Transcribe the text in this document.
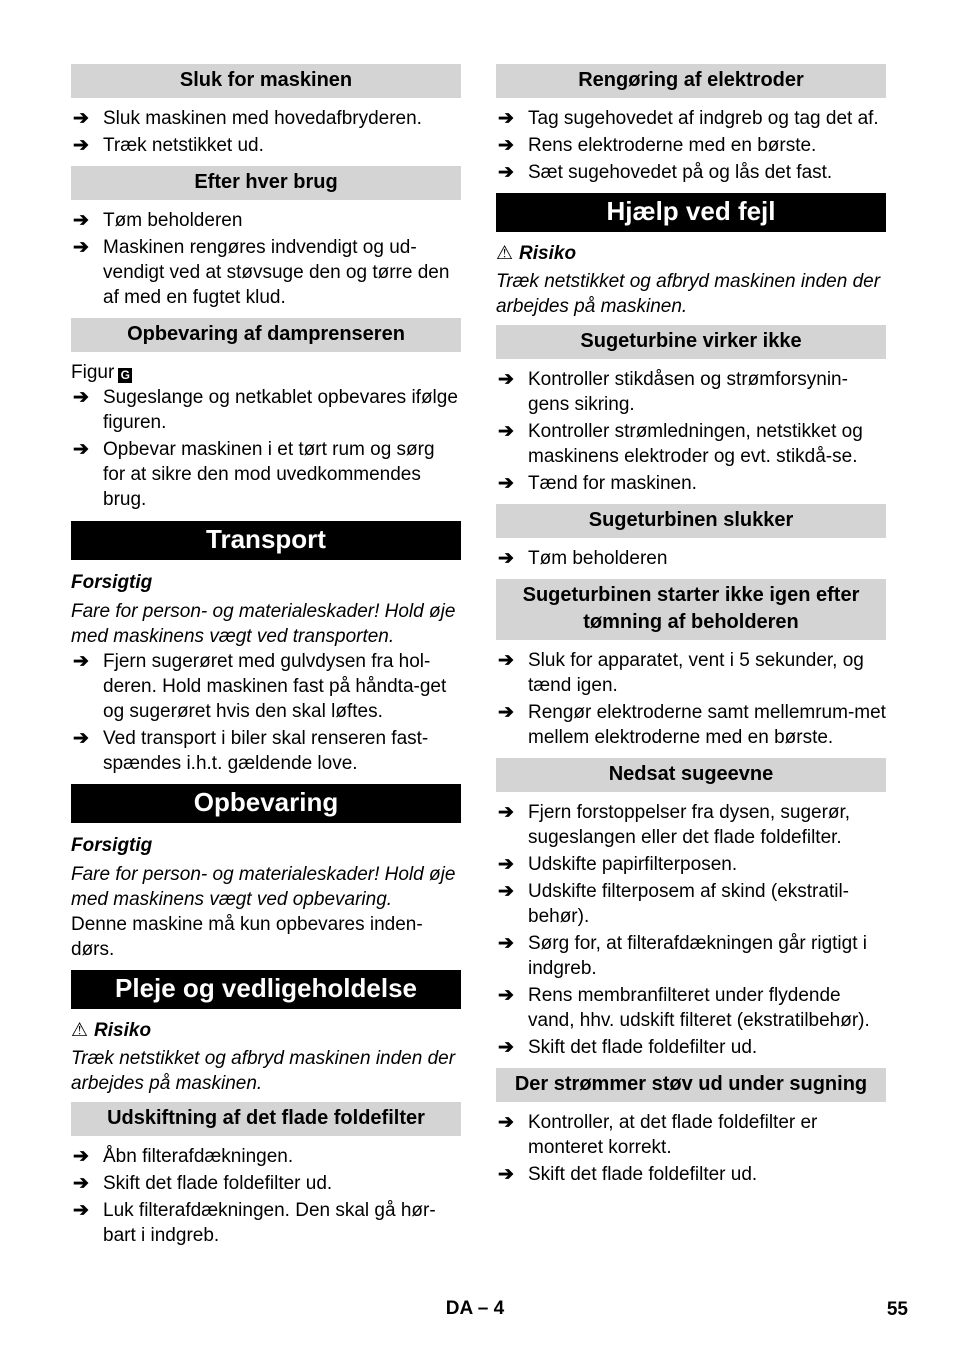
Sluk for maskinen
➔ Sluk maskinen med hovedafbryderen.
➔ Træk netstikket ud.
Efter hver brug
➔ Tøm beholderen
➔ Maskinen rengøres indvendigt og ud-vendigt ved at støvsuge den og tørre den af med en fugtet klud.
Opbevaring af damprenseren
Figur G
➔ Sugeslange og netkablet opbevares ifølge figuren.
➔ Opbevar maskinen i et tørt rum og sørg for at sikre den mod uvedkommendes brug.
Transport
Forsigtig
Fare for person- og materialeskader! Hold øje med maskinens vægt ved transporten.
➔ Fjern sugerøret med gulvdysen fra hol-deren. Hold maskinen fast på håndta-get og sugerøret hvis den skal løftes.
➔ Ved transport i biler skal renseren fast-spændes i.h.t. gældende love.
Opbevaring
Forsigtig
Fare for person- og materialeskader! Hold øje med maskinens vægt ved opbevaring.
Denne maskine må kun opbevares inden-dørs.
Pleje og vedligeholdelse
⚠ Risiko
Træk netstikket og afbryd maskinen inden der arbejdes på maskinen.
Udskiftning af det flade foldefilter
➔ Åbn filterafdækningen.
➔ Skift det flade foldefilter ud.
➔ Luk filterafdækningen. Den skal gå hør-bart i indgreb.
Rengøring af elektroder
➔ Tag sugehovedet af indgreb og tag det af.
➔ Rens elektroderne med en børste.
➔ Sæt sugehovedet på og lås det fast.
Hjælp ved fejl
⚠ Risiko
Træk netstikket og afbryd maskinen inden der arbejdes på maskinen.
Sugeturbine virker ikke
➔ Kontroller stikdåsen og strømforsynin-gens sikring.
➔ Kontroller strømledningen, netstikket og maskinens elektroder og evt. stikdå-se.
➔ Tænd for maskinen.
Sugeturbinen slukker
➔ Tøm beholderen
Sugeturbinen starter ikke igen efter tømning af beholderen
➔ Sluk for apparatet, vent i 5 sekunder, og tænd igen.
➔ Rengør elektroderne samt mellemrum-met mellem elektroderne med en børste.
Nedsat sugeevne
➔ Fjern forstoppelser fra dysen, sugerør, sugeslangen eller det flade foldefilter.
➔ Udskifte papirfilterposen.
➔ Udskifte filterposem af skind (ekstratil-behør).
➔ Sørg for, at filterafdækningen går rigtigt i indgreb.
➔ Rens membranfilteret under flydende vand, hhv. udskift filteret (ekstratilbehør).
➔ Skift det flade foldefilter ud.
Der strømmer støv ud under sugning
➔ Kontroller, at det flade foldefilter er monteret korrekt.
➔ Skift det flade foldefilter ud.
DA – 4	55
